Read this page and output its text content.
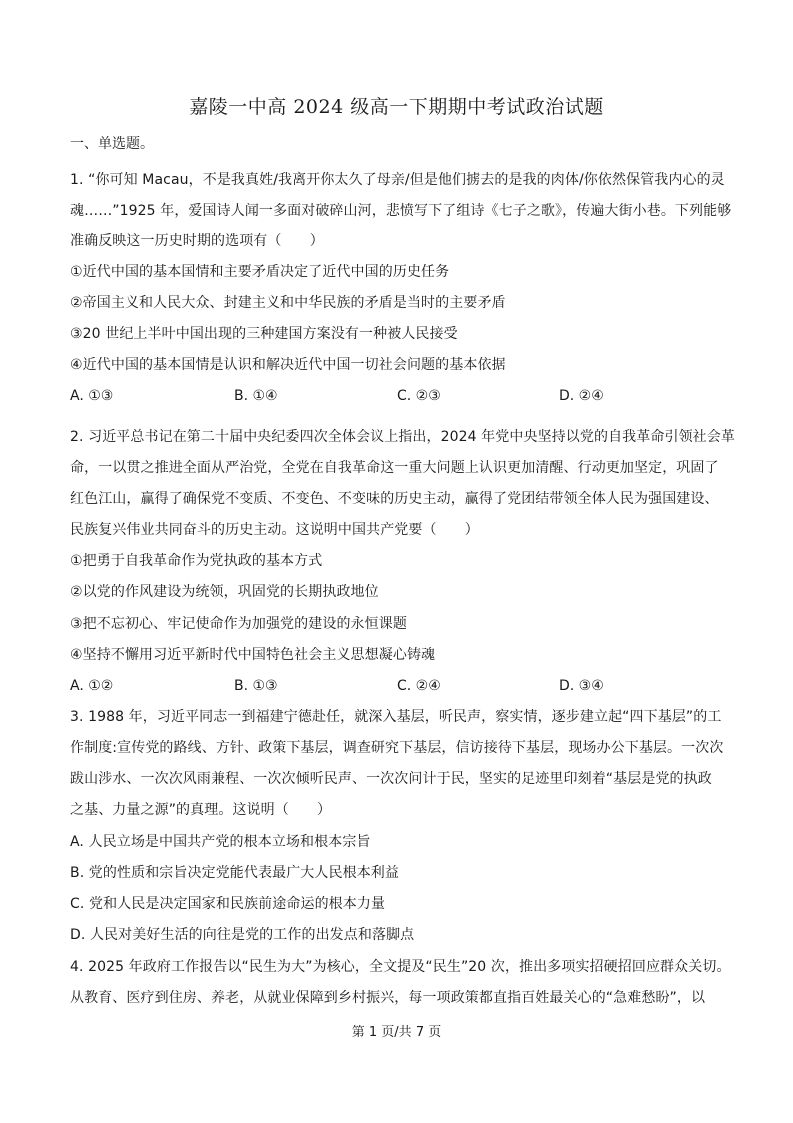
嘉陵一中高 2024 级高一下期期中考试政治试题
一、单选题。
1. “你可知 Macau，不是我真姓/我离开你太久了母亲/但是他们掳去的是我的肉体/你依然保管我内心的灵
魂……”1925 年，爱国诗人闻一多面对破碎山河，悲愤写下了组诗《七子之歌》，传遍大街小巷。下列能够
准确反映这一历史时期的选项有（　　）
①近代中国的基本国情和主要矛盾决定了近代中国的历史任务
②帝国主义和人民大众、封建主义和中华民族的矛盾是当时的主要矛盾
③20 世纪上半叶中国出现的三种建国方案没有一种被人民接受
④近代中国的基本国情是认识和解决近代中国一切社会问题的基本依据
A. ①③	B. ①④	C. ②③	D. ②④
2. 习近平总书记在第二十届中央纪委四次全体会议上指出，2024 年党中央坚持以党的自我革命引领社会革
命，一以贯之推进全面从严治党，全党在自我革命这一重大问题上认识更加清醒、行动更加坚定，巩固了
红色江山，赢得了确保党不变质、不变色、不变味的历史主动，赢得了党团结带领全体人民为强国建设、
民族复兴伟业共同奋斗的历史主动。这说明中国共产党要（　　）
①把勇于自我革命作为党执政的基本方式
②以党的作风建设为统领，巩固党的长期执政地位
③把不忘初心、牢记使命作为加强党的建设的永恒课题
④坚持不懈用习近平新时代中国特色社会主义思想凝心铸魂
A. ①②	B. ①③	C. ②④	D. ③④
3. 1988 年，习近平同志一到福建宁德赴任，就深入基层，听民声，察实情，逐步建立起“四下基层”的工
作制度:宣传党的路线、方针、政策下基层，调查研究下基层，信访接待下基层，现场办公下基层。一次次
跋山涉水、一次次风雨兼程、一次次倾听民声、一次次问计于民，坚实的足迹里印刻着“基层是党的执政
之基、力量之源”的真理。这说明（　　）
A. 人民立场是中国共产党的根本立场和根本宗旨
B. 党的性质和宗旨决定党能代表最广大人民根本利益
C. 党和人民是决定国家和民族前途命运的根本力量
D. 人民对美好生活的向往是党的工作的出发点和落脚点
4. 2025 年政府工作报告以“民生为大”为核心，全文提及“民生”20 次，推出多项实招硬招回应群众关切。
从教育、医疗到住房、养老，从就业保障到乡村振兴，每一项政策都直指百姓最关心的“急难愁盼”，以
第 1 页/共 7 页
